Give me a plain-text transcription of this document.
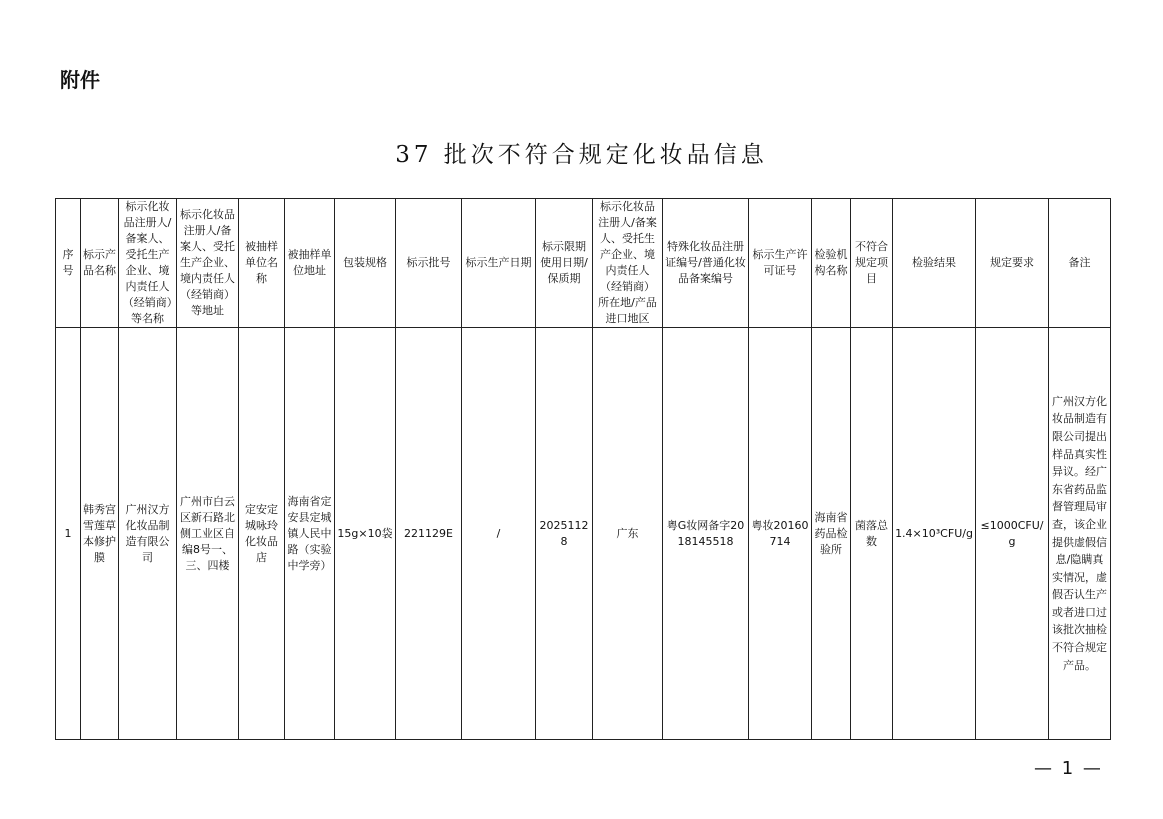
附件
37 批次不符合规定化妆品信息
序号	标示产品名称	标示化妆品注册人/备案人、受托生产企业、境内责任人（经销商）等名称	标示化妆品注册人/备案人、受托生产企业、境内责任人（经销商）等地址	被抽样单位名称	被抽样单位地址	包装规格	标示批号	标示生产日期	标示限期使用日期/保质期	标示化妆品注册人/备案人、受托生产企业、境内责任人（经销商）所在地/产品进口地区	特殊化妆品注册证编号/普通化妆品备案编号	标示生产许可证号	检验机构名称	不符合规定项目	检验结果	规定要求	备注
1	韩秀宫雪莲草本修护膜	广州汉方化妆品制造有限公司	广州市白云区新石路北侧工业区自编8号一、三、四楼	定安定城咏玲化妆品店	海南省定安县定城镇人民中路（实验中学旁）	15g×10袋	221129E	/	20251128	广东	粤G妆网备字2018145518	粤妆20160714	海南省药品检验所	菌落总数	1.4×10³CFU/g	≤1000CFU/g	广州汉方化妆品制造有限公司提出样品真实性异议。经广东省药品监督管理局审查，该企业提供虚假信息/隐瞒真实情况，虚假否认生产或者进口过该批次抽检不符合规定产品。
— 1 —
